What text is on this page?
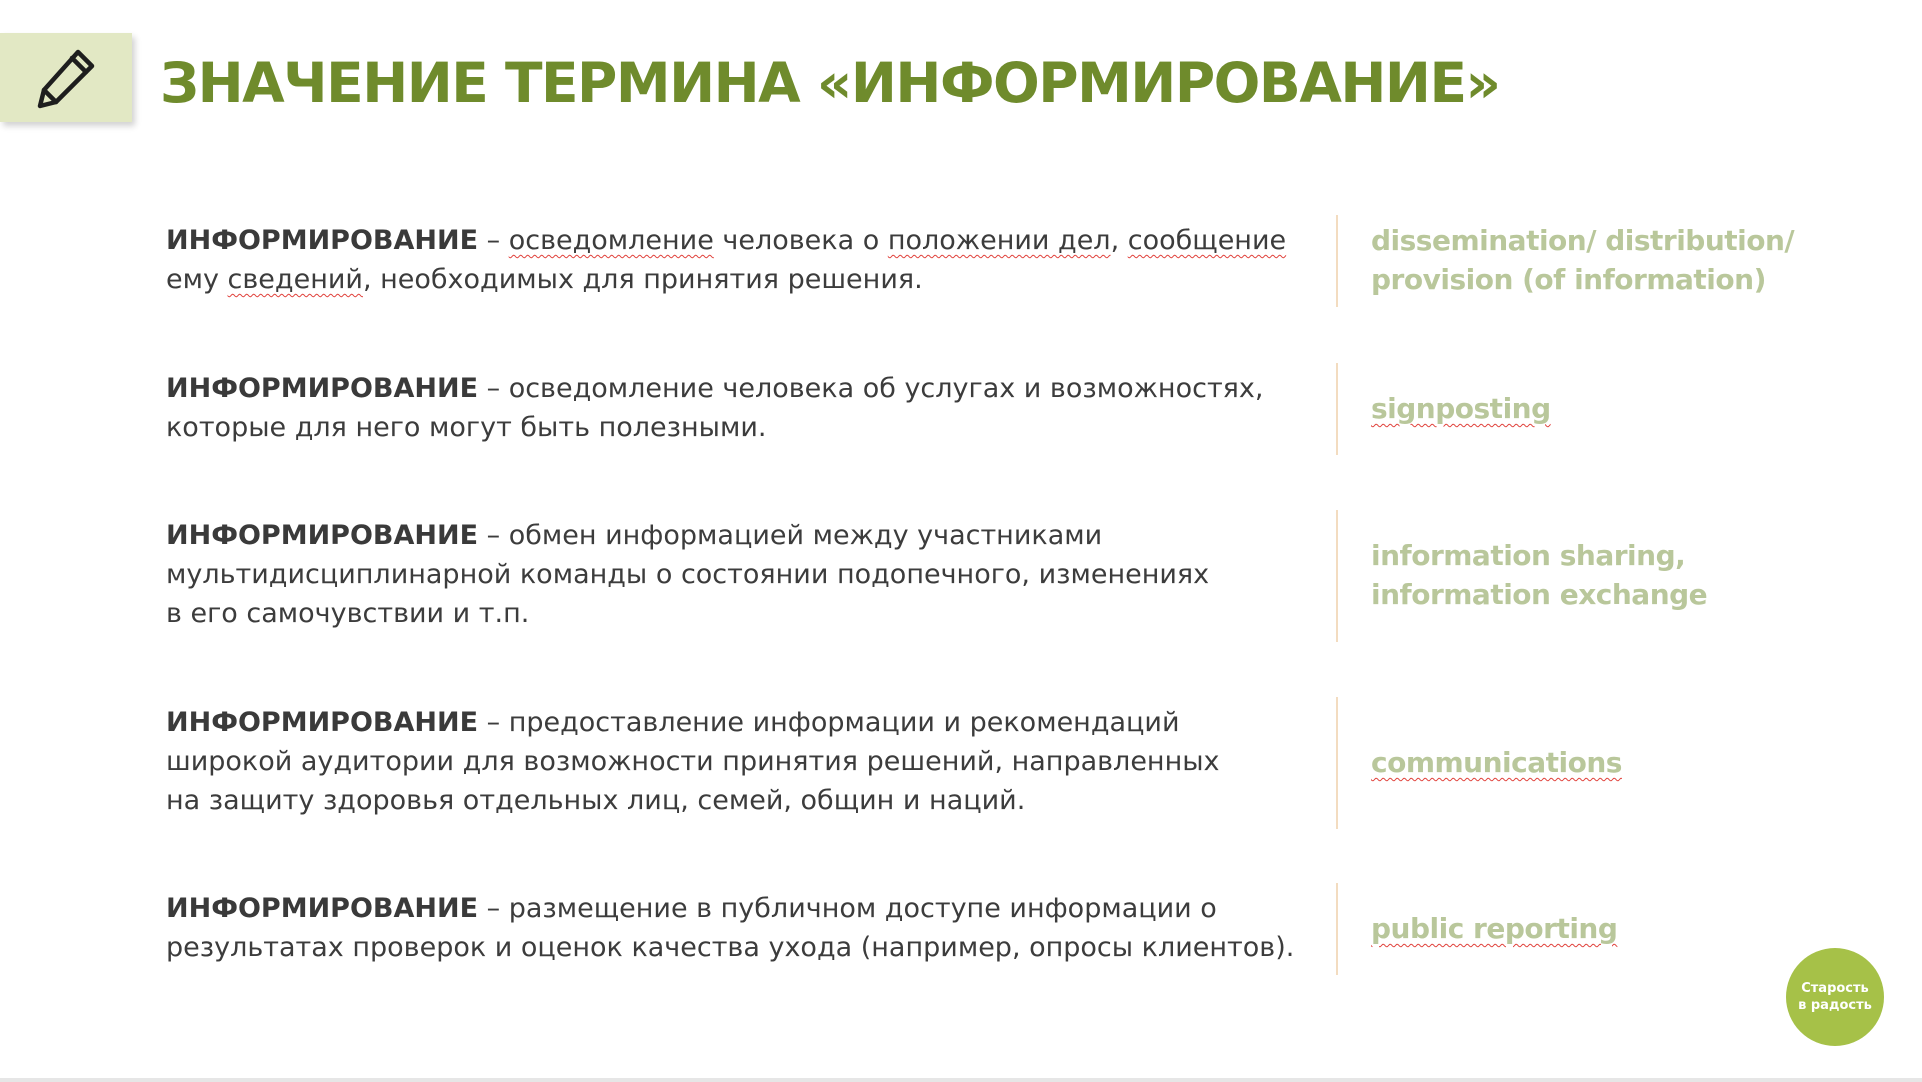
ЗНАЧЕНИЕ ТЕРМИНА «ИНФОРМИРОВАНИЕ»
ИНФОРМИРОВАНИЕ – осведомление человека о положении дел, сообщение
ему сведений, необходимых для принятия решения.
dissemination/ distribution/
provision (of information)
ИНФОРМИРОВАНИЕ – осведомление человека об услугах и возможностях,
которые для него могут быть полезными.
signposting
ИНФОРМИРОВАНИЕ – обмен информацией между участниками
мультидисциплинарной команды о состоянии подопечного, изменениях
в его самочувствии и т.п.
information sharing,
information exchange
ИНФОРМИРОВАНИЕ – предоставление информации и рекомендаций
широкой аудитории для возможности принятия решений, направленных
на защиту здоровья отдельных лиц, семей, общин и наций.
communications
ИНФОРМИРОВАНИЕ – размещение в публичном доступе информации о
результатах проверок и оценок качества ухода (например, опросы клиентов).
public reporting
Старость
в радость
